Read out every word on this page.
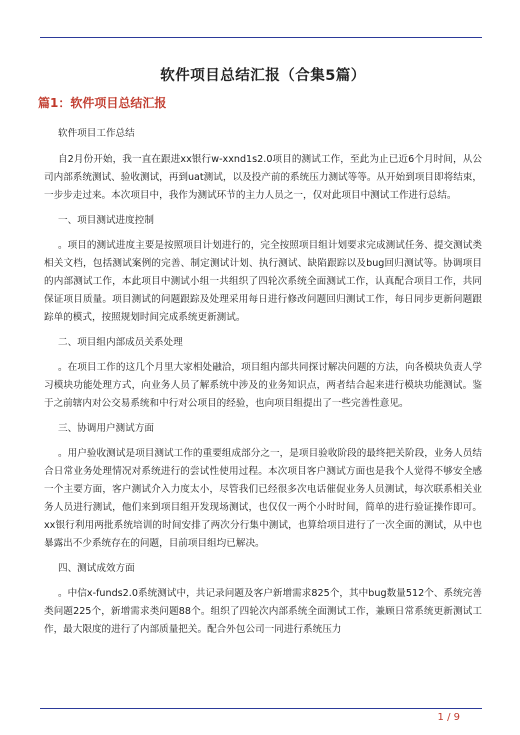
软件项目总结汇报（合集5篇）
篇1：软件项目总结汇报

软件项目工作总结

自2月份开始，我一直在跟进xx银行w-xxnd1s2.0项目的测试工作，至此为止已近6个月时间，从公司内部系统测试、验收测试，再到uat测试，以及投产前的系统压力测试等等。从开始到项目即将结束，一步步走过来。本次项目中，我作为测试环节的主力人员之一，仅对此项目中测试工作进行总结。

一、项目测试进度控制

。项目的测试进度主要是按照项目计划进行的，完全按照项目组计划要求完成测试任务、提交测试类相关文档，包括测试案例的完善、制定测试计划、执行测试、缺陷跟踪以及bug回归测试等。协调项目的内部测试工作，本此项目中测试小组一共组织了四轮次系统全面测试工作，认真配合项目工作，共同保证项目质量。项目测试的问题跟踪及处理采用每日进行修改问题回归测试工作，每日同步更新问题跟踪单的模式，按照规划时间完成系统更新测试。

二、项目组内部成员关系处理

。在项目工作的这几个月里大家相处融洽，项目组内部共同探讨解决问题的方法，向各模块负责人学习模块功能处理方式，向业务人员了解系统中涉及的业务知识点，两者结合起来进行模块功能测试。鉴于之前辖内对公交易系统和中行对公项目的经验，也向项目组提出了一些完善性意见。

三、协调用户测试方面

。用户验收测试是项目测试工作的重要组成部分之一，是项目验收阶段的最终把关阶段，业务人员结合日常业务处理情况对系统进行的尝试性使用过程。本次项目客户测试方面也是我个人觉得不够安全感一个主要方面，客户测试介入力度太小，尽管我们已经很多次电话催促业务人员测试，每次联系相关业务人员进行测试，他们来到项目组开发现场测试，也仅仅一两个小时时间，简单的进行验证操作即可。xx银行利用两批系统培训的时间安排了两次分行集中测试，也算给项目进行了一次全面的测试，从中也暴露出不少系统存在的问题，目前项目组均已解决。

四、测试成效方面

。中信x-funds2.0系统测试中，共记录问题及客户新增需求825个，其中bug数量512个、系统完善类问题225个，新增需求类问题88个。组织了四轮次内部系统全面测试工作，兼顾日常系统更新测试工作，最大限度的进行了内部质量把关。配合外包公司一同进行系统压力

1 / 9
